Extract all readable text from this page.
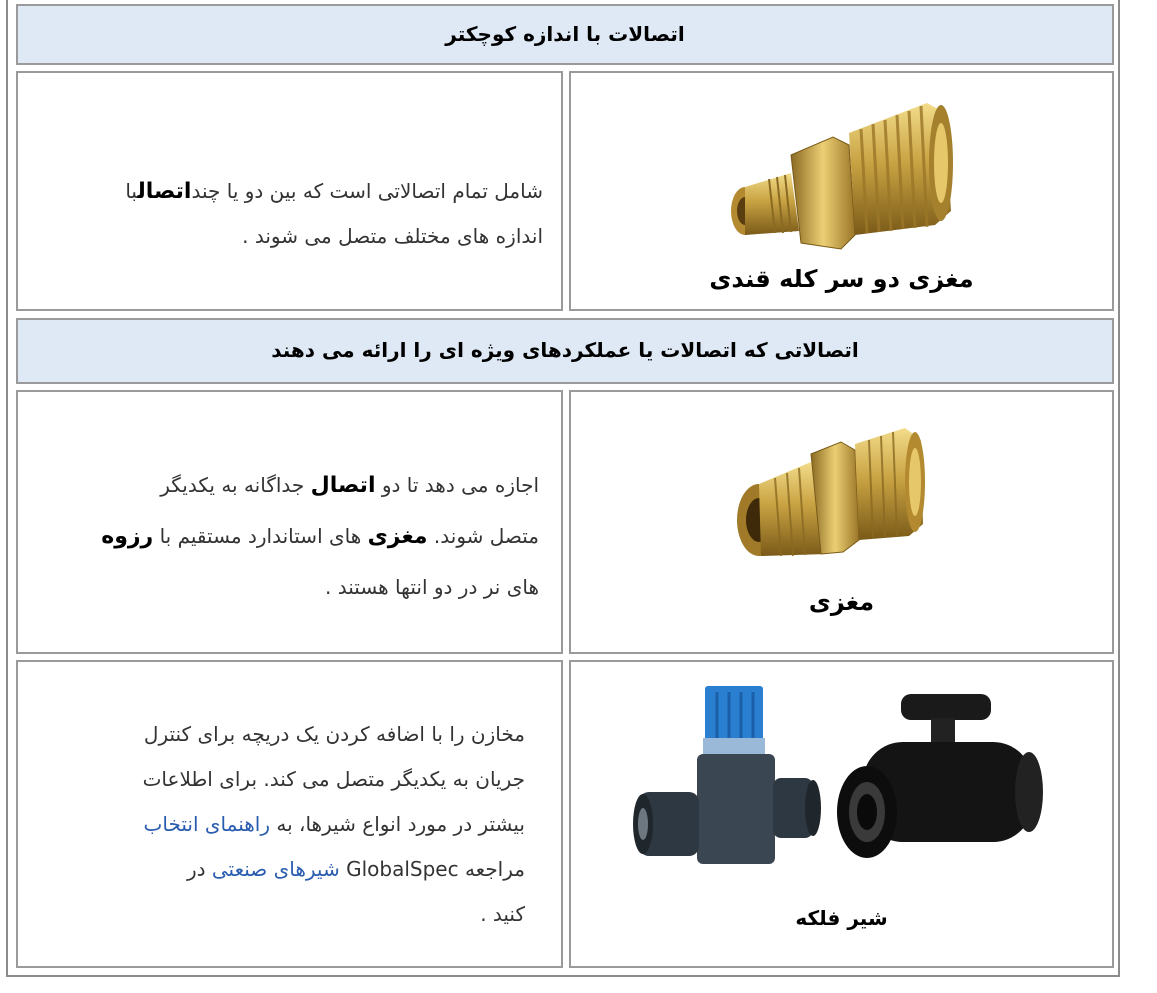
اتصالات با اندازه کوچکتر
شامل تمام اتصالاتی است که بین دو یا چنداتصالبا
اندازه های مختلف متصل می شوند .
مغزی دو سر کله قندی
اتصالاتی که اتصالات یا عملکردهای ویژه ای را ارائه می دهند
اجازه می دهد تا دو اتصال جداگانه به یکدیگر
متصل شوند. مغزی های استاندارد مستقیم با رزوه
های نر در دو انتها هستند .
مغزی
مخازن را با اضافه کردن یک دریچه برای کنترل
جریان به یکدیگر متصل می کند. برای اطلاعات
بیشتر در مورد انواع شیرها، به راهنمای انتخاب
مراجعه GlobalSpec شیرهای صنعتی در
کنید .	شیر فلکه
